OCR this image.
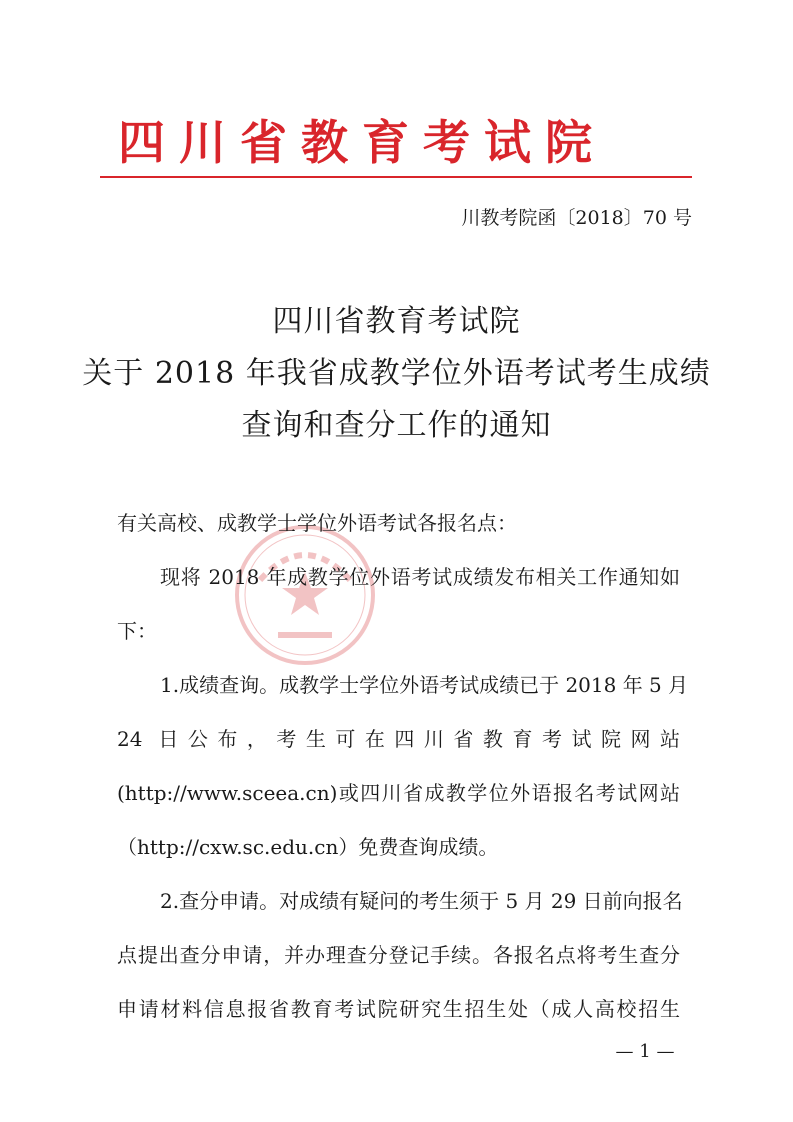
四川省教育考试院
川教考院函〔2018〕70 号
四川省教育考试院
关于 2018 年我省成教学位外语考试考生成绩
查询和查分工作的通知
有关高校、成教学士学位外语考试各报名点：
现将 2018 年成教学位外语考试成绩发布相关工作通知如
下：
1.成绩查询。成教学士学位外语考试成绩已于 2018 年 5 月
24 日公布，考生可在四川省教育考试院网站
(http://www.sceea.cn)或四川省成教学位外语报名考试网站
（http://cxw.sc.edu.cn）免费查询成绩。
2.查分申请。对成绩有疑问的考生须于 5 月 29 日前向报名
点提出查分申请，并办理查分登记手续。各报名点将考生查分
申请材料信息报省教育考试院研究生招生处（成人高校招生
— 1 —
